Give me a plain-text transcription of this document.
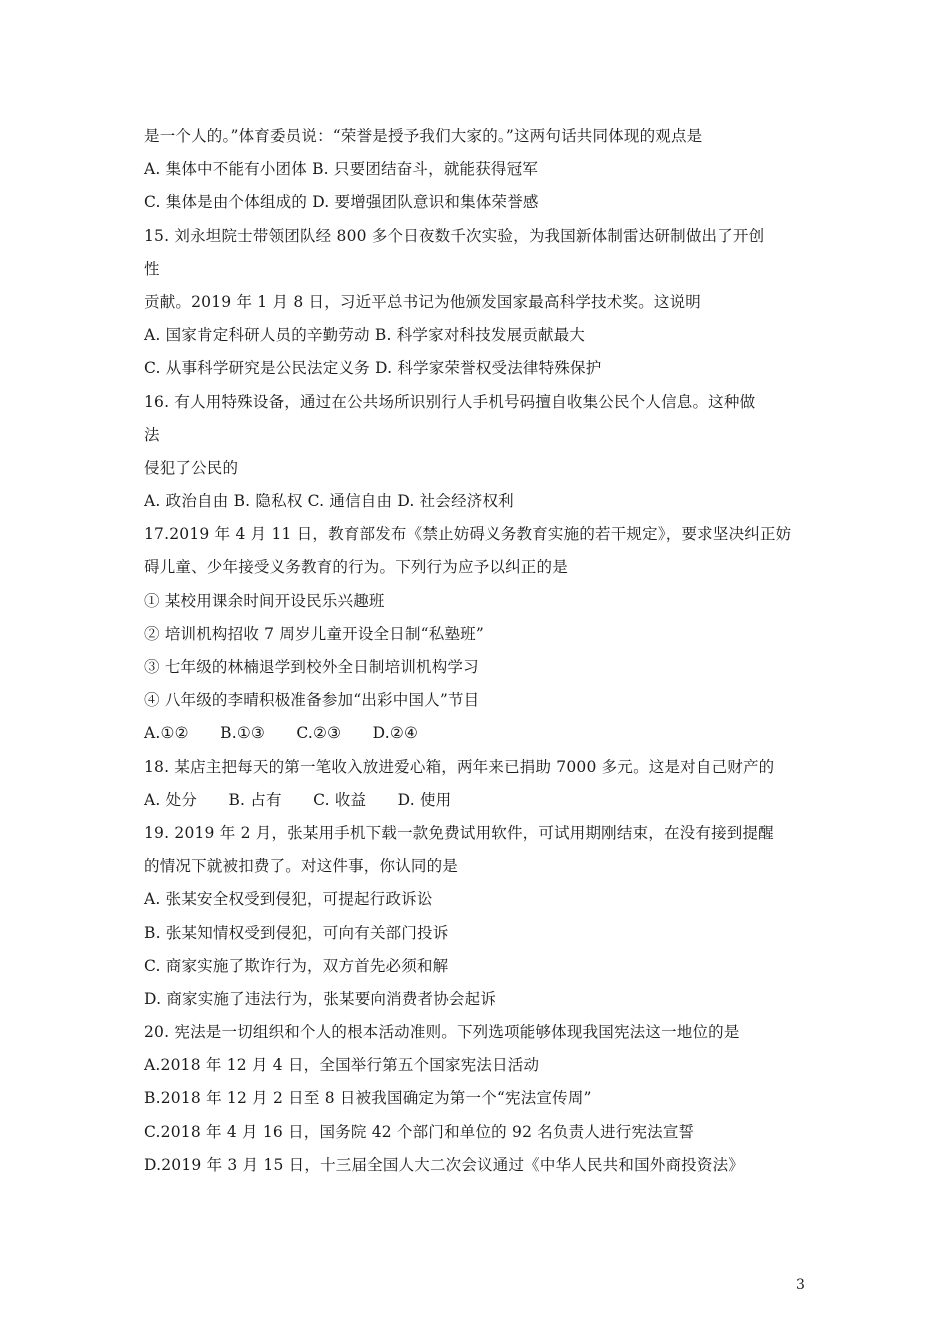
是一个人的。”体育委员说：“荣誉是授予我们大家的。”这两句话共同体现的观点是
A. 集体中不能有小团体 B. 只要团结奋斗，就能获得冠军
C. 集体是由个体组成的 D. 要增强团队意识和集体荣誉感
15. 刘永坦院士带领团队经 800 多个日夜数千次实验，为我国新体制雷达研制做出了开创
性
贡献。2019 年 1 月 8 日，习近平总书记为他颁发国家最高科学技术奖。这说明
A. 国家肯定科研人员的辛勤劳动 B. 科学家对科技发展贡献最大
C. 从事科学研究是公民法定义务 D. 科学家荣誉权受法律特殊保护
16. 有人用特殊设备，通过在公共场所识别行人手机号码擅自收集公民个人信息。这种做
法
侵犯了公民的
A. 政治自由 B. 隐私权 C. 通信自由 D. 社会经济权利
17.2019 年 4 月 11 日，教育部发布《禁止妨碍义务教育实施的若干规定》，要求坚决纠正妨
碍儿童、少年接受义务教育的行为。下列行为应予以纠正的是
① 某校用课余时间开设民乐兴趣班
② 培训机构招收 7 周岁儿童开设全日制“私塾班”
③ 七年级的林楠退学到校外全日制培训机构学习
④ 八年级的李晴积极准备参加“出彩中国人”节目
A.①②　　B.①③　　C.②③　　D.②④
18. 某店主把每天的第一笔收入放进爱心箱，两年来已捐助 7000 多元。这是对自己财产的
A. 处分　　B. 占有　　C. 收益　　D. 使用
19. 2019 年 2 月，张某用手机下载一款免费试用软件，可试用期刚结束，在没有接到提醒
的情况下就被扣费了。对这件事，你认同的是
A. 张某安全权受到侵犯，可提起行政诉讼
B. 张某知情权受到侵犯，可向有关部门投诉
C. 商家实施了欺诈行为，双方首先必须和解
D. 商家实施了违法行为，张某要向消费者协会起诉
20. 宪法是一切组织和个人的根本活动准则。下列选项能够体现我国宪法这一地位的是
A.2018 年 12 月 4 日，全国举行第五个国家宪法日活动
B.2018 年 12 月 2 日至 8 日被我国确定为第一个“宪法宣传周”
C.2018 年 4 月 16 日，国务院 42 个部门和单位的 92 名负责人进行宪法宣誓
D.2019 年 3 月 15 日，十三届全国人大二次会议通过《中华人民共和国外商投资法》
3
